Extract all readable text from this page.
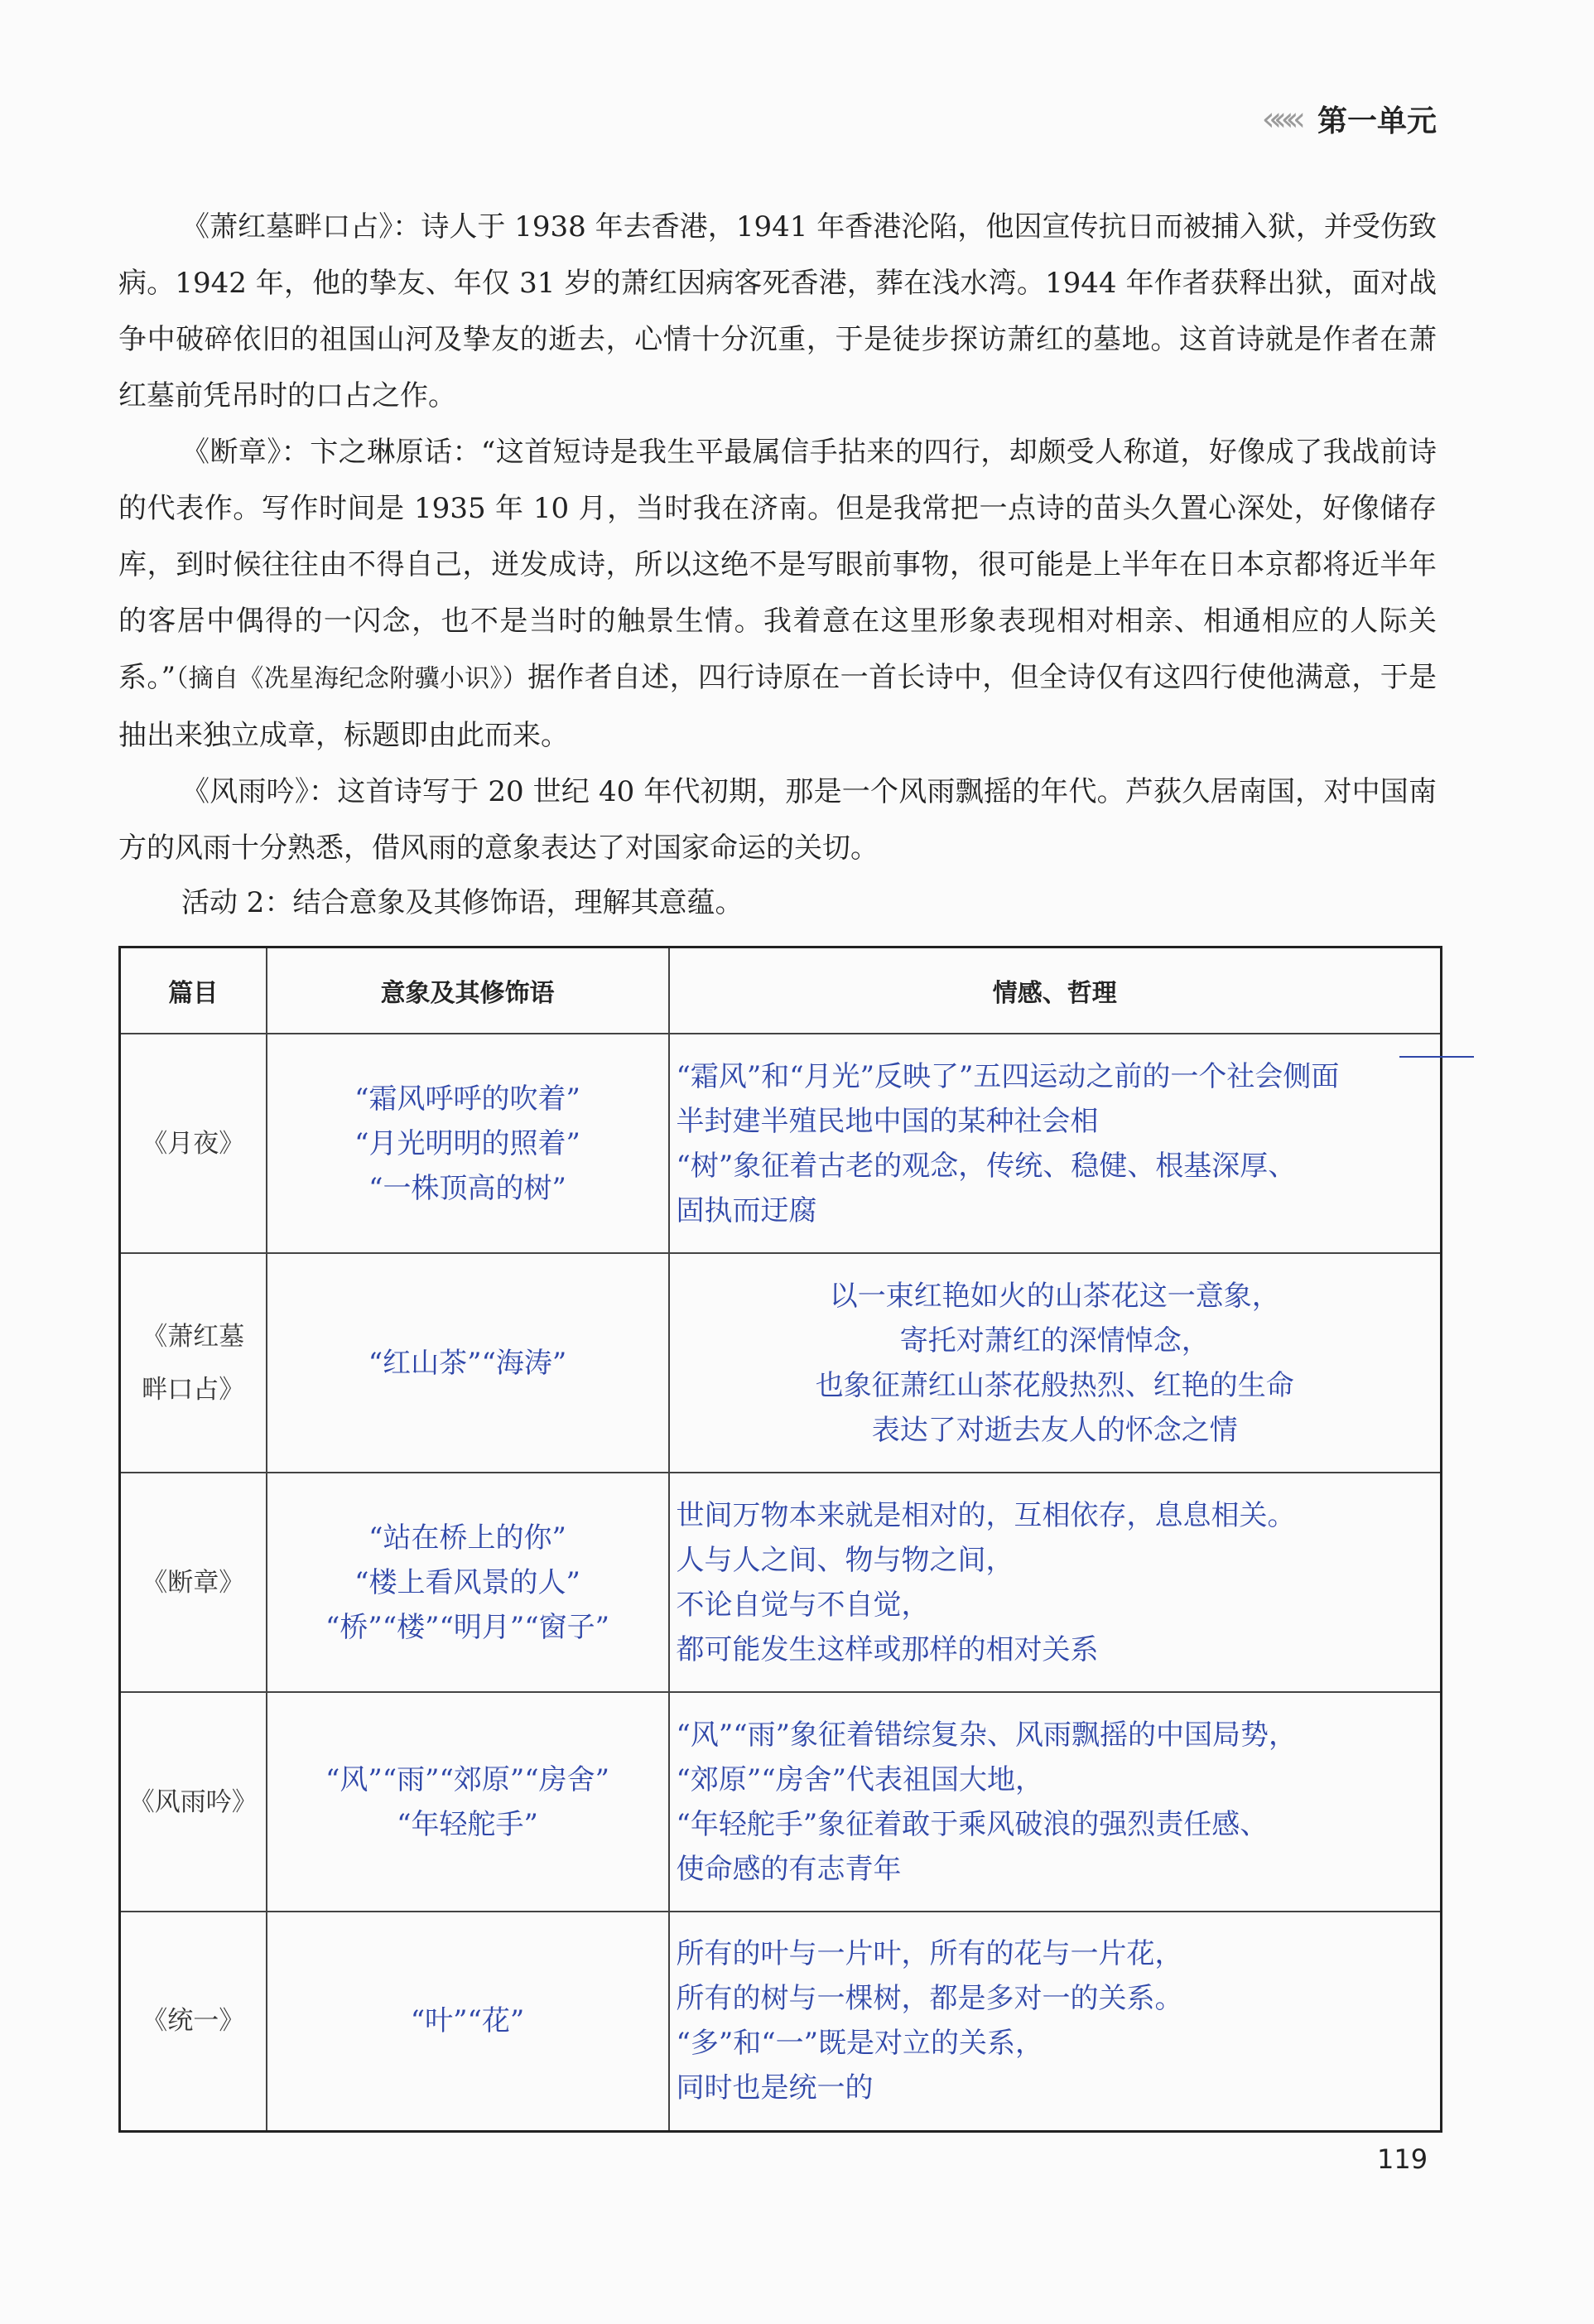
««« 第一单元

《萧红墓畔口占》：诗人于 1938 年去香港，1941 年香港沦陷，他因宣传抗日而被捕入狱，并受伤致病。1942 年，他的挚友、年仅 31 岁的萧红因病客死香港，葬在浅水湾。1944 年作者获释出狱，面对战争中破碎依旧的祖国山河及挚友的逝去，心情十分沉重，于是徒步探访萧红的墓地。这首诗就是作者在萧红墓前凭吊时的口占之作。

《断章》：卞之琳原话：“这首短诗是我生平最属信手拈来的四行，却颇受人称道，好像成了我战前诗的代表作。写作时间是 1935 年 10 月，当时我在济南。但是我常把一点诗的苗头久置心深处，好像储存库，到时候往往由不得自己，迸发成诗，所以这绝不是写眼前事物，很可能是上半年在日本京都将近半年的客居中偶得的一闪念，也不是当时的触景生情。我着意在这里形象表现相对相亲、相通相应的人际关系。”（摘自《冼星海纪念附骥小识》）据作者自述，四行诗原在一首长诗中，但全诗仅有这四行使他满意，于是抽出来独立成章，标题即由此而来。

《风雨吟》：这首诗写于 20 世纪 40 年代初期，那是一个风雨飘摇的年代。芦荻久居南国，对中国南方的风雨十分熟悉，借风雨的意象表达了对国家命运的关切。

活动 2：结合意象及其修饰语，理解其意蕴。
篇目	意象及其修饰语	情感、哲理

《月夜》	“霜风呼呼的吹着”
“月光明明的照着”
“一株顶高的树”	“霜风”和“月光”反映了”五四运动之前的一个社会侧面
半封建半殖民地中国的某种社会相
“树”象征着古老的观念，传统、稳健、根基深厚、
固执而迂腐

《萧红墓
畔口占》	“红山茶”“海涛”	以一束红艳如火的山茶花这一意象，
寄托对萧红的深情悼念，
也象征萧红山茶花般热烈、红艳的生命
表达了对逝去友人的怀念之情

《断章》	“站在桥上的你”
“楼上看风景的人”
“桥”“楼”“明月”“窗子”	世间万物本来就是相对的，互相依存，息息相关。
人与人之间、物与物之间，
不论自觉与不自觉，
都可能发生这样或那样的相对关系

《风雨吟》	“风”“雨”“郊原”“房舍”
“年轻舵手”	“风”“雨”象征着错综复杂、风雨飘摇的中国局势，
“郊原”“房舍”代表祖国大地，
“年轻舵手”象征着敢于乘风破浪的强烈责任感、
使命感的有志青年

《统一》	“叶”“花”	所有的叶与一片叶，所有的花与一片花，
所有的树与一棵树，都是多对一的关系。
“多”和“一”既是对立的关系，
同时也是统一的
119
